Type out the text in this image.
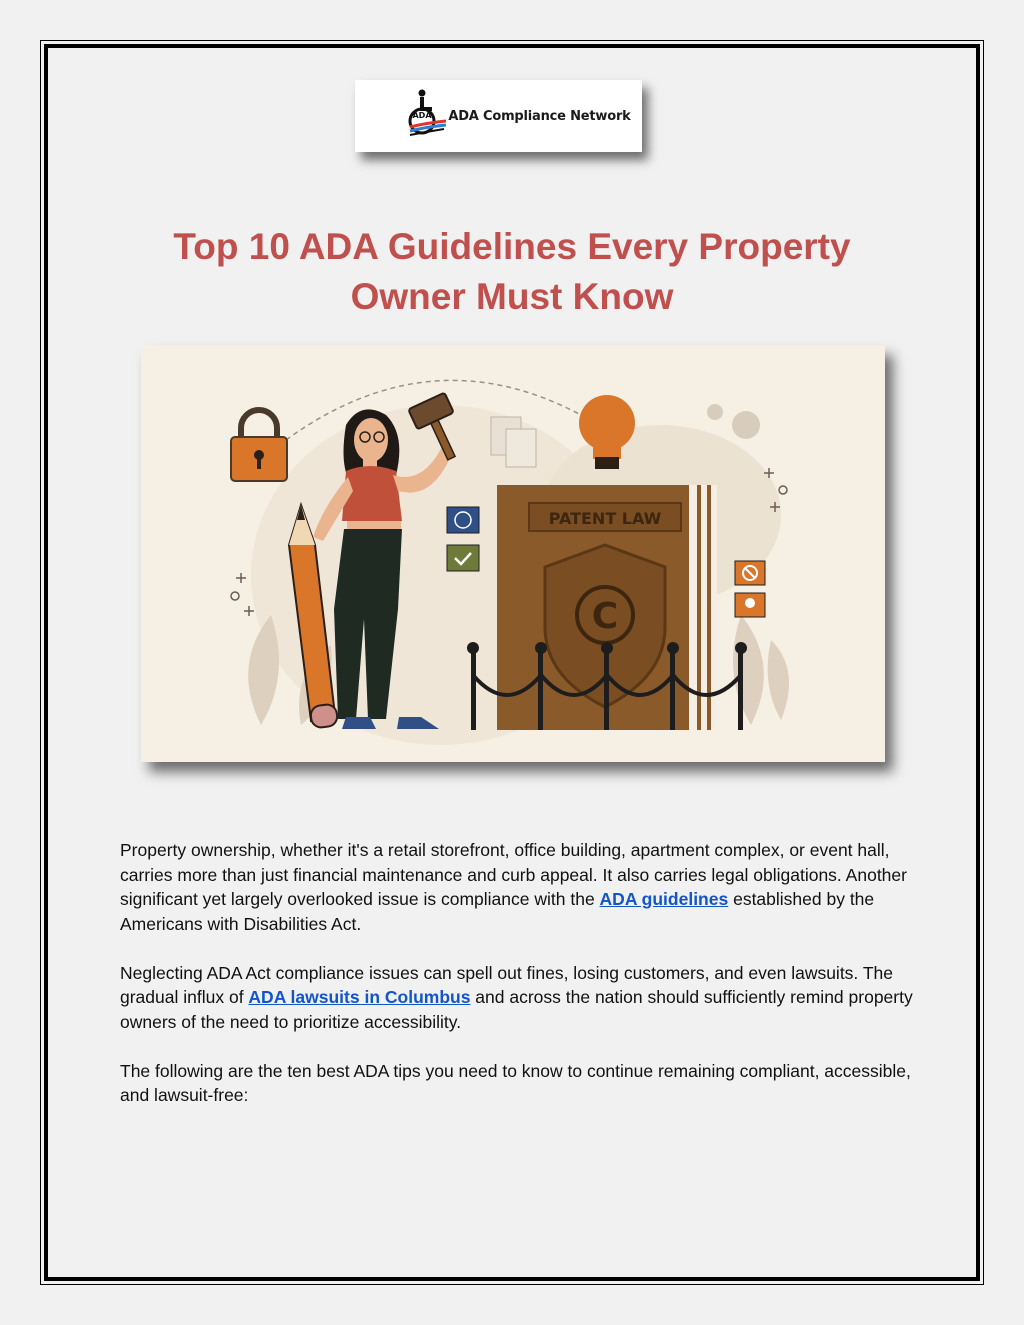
ADA ADA Compliance Network
Top 10 ADA Guidelines Every Property Owner Must Know
PATENT LAW
C

Property ownership, whether it's a retail storefront, office building, apartment complex, or event hall, carries more than just financial maintenance and curb appeal. It also carries legal obligations. Another significant yet largely overlooked issue is compliance with the ADA guidelines established by the Americans with Disabilities Act.

Neglecting ADA Act compliance issues can spell out fines, losing customers, and even lawsuits. The gradual influx of ADA lawsuits in Columbus and across the nation should sufficiently remind property owners of the need to prioritize accessibility.

The following are the ten best ADA tips you need to know to continue remaining compliant, accessible, and lawsuit-free:
